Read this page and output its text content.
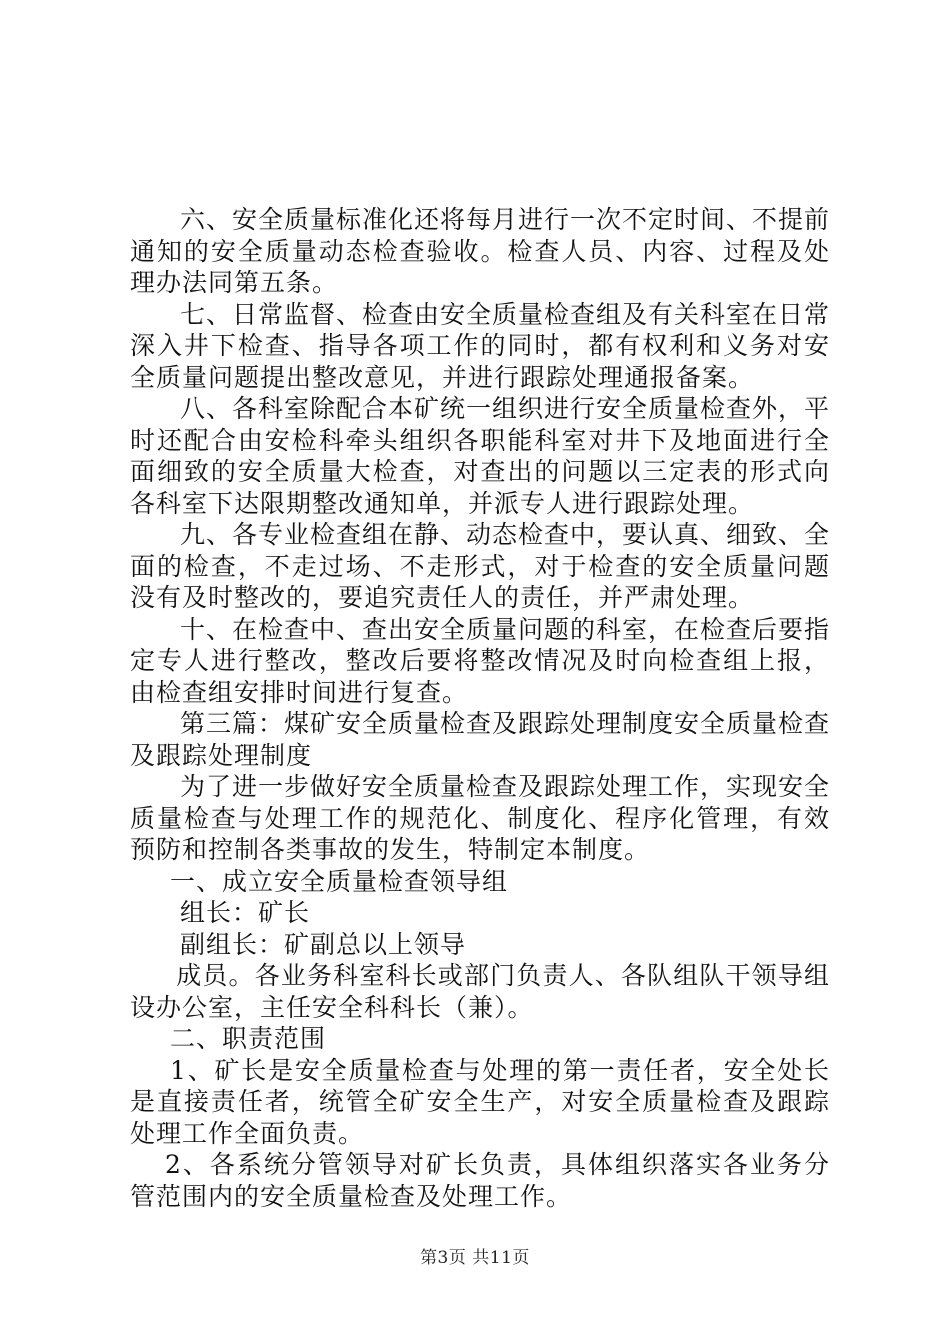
六、安全质量标准化还将每月进行一次不定时间、不提前通知的安全质量动态检查验收。检查人员、内容、过程及处理办法同第五条。

七、日常监督、检查由安全质量检查组及有关科室在日常深入井下检查、指导各项工作的同时，都有权利和义务对安全质量问题提出整改意见，并进行跟踪处理通报备案。

八、各科室除配合本矿统一组织进行安全质量检查外，平时还配合由安检科牵头组织各职能科室对井下及地面进行全面细致的安全质量大检查，对查出的问题以三定表的形式向各科室下达限期整改通知单，并派专人进行跟踪处理。

九、各专业检查组在静、动态检查中，要认真、细致、全面的检查，不走过场、不走形式，对于检查的安全质量问题没有及时整改的，要追究责任人的责任，并严肃处理。

十、在检查中、查出安全质量问题的科室，在检查后要指定专人进行整改，整改后要将整改情况及时向检查组上报，由检查组安排时间进行复查。

第三篇：煤矿安全质量检查及跟踪处理制度安全质量检查及跟踪处理制度

为了进一步做好安全质量检查及跟踪处理工作，实现安全质量检查与处理工作的规范化、制度化、程序化管理，有效预防和控制各类事故的发生，特制定本制度。

一、成立安全质量检查领导组

组长：矿长

副组长：矿副总以上领导

成员。各业务科室科长或部门负责人、各队组队干领导组设办公室，主任安全科科长（兼）。

二、职责范围

1、矿长是安全质量检查与处理的第一责任者，安全处长是直接责任者，统管全矿安全生产，对安全质量检查及跟踪处理工作全面负责。

2、各系统分管领导对矿长负责，具体组织落实各业务分管范围内的安全质量检查及处理工作。

第3页 共11页
